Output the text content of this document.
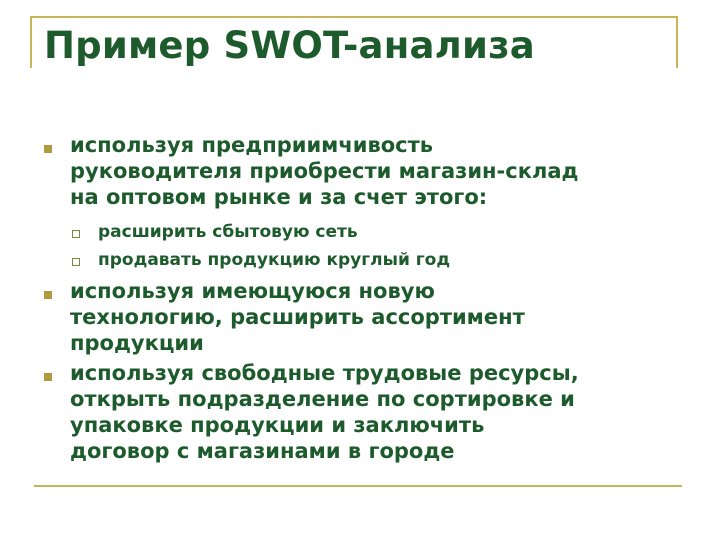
Пример SWOT-анализа
используя предприимчивость
руководителя приобрести магазин-склад
на оптовом рынке и за счет этого:
расширить сбытовую сеть
продавать продукцию круглый год
используя имеющуюся новую
технологию, расширить ассортимент
продукции
используя свободные трудовые ресурсы,
открыть подразделение по сортировке и
упаковке продукции и заключить
договор с магазинами в городе
